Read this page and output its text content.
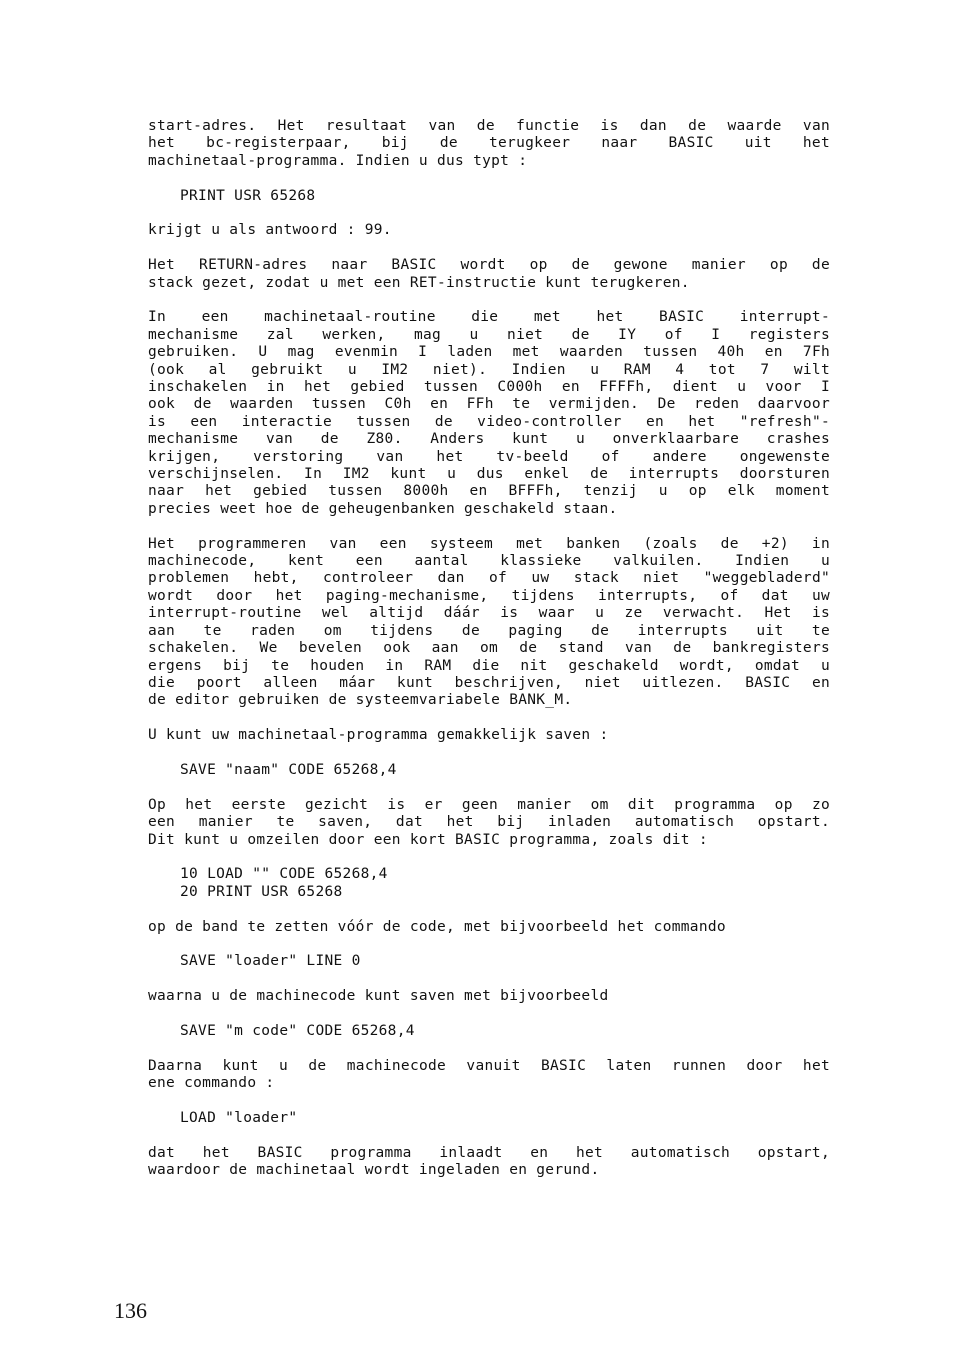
start-adres. Het resultaat van de functie is dan de waarde van
het bc-registerpaar, bij de terugkeer naar BASIC uit het
machinetaal-programma. Indien u dus typt :
PRINT USR 65268
krijgt u als antwoord : 99.
Het RETURN-adres naar BASIC wordt op de gewone manier op de
stack gezet, zodat u met een RET-instructie kunt terugkeren.
In een machinetaal-routine die met het BASIC interrupt-
mechanisme zal werken, mag u niet de IY of I registers
gebruiken. U mag evenmin I laden met waarden tussen 40h en 7Fh
(ook al gebruikt u IM2 niet). Indien u RAM 4 tot 7 wilt
inschakelen in het gebied tussen C000h en FFFFh, dient u voor I
ook de waarden tussen C0h en FFh te vermijden. De reden daarvoor
is een interactie tussen de video-controller en het "refresh"-
mechanisme van de Z80. Anders kunt u onverklaarbare crashes
krijgen, verstoring van het tv-beeld of andere ongewenste
verschijnselen. In IM2 kunt u dus enkel de interrupts doorsturen
naar het gebied tussen 8000h en BFFFh, tenzij u op elk moment
precies weet hoe de geheugenbanken geschakeld staan.
Het programmeren van een systeem met banken (zoals de +2) in
machinecode, kent een aantal klassieke valkuilen. Indien u
problemen hebt, controleer dan of uw stack niet "weggebladerd"
wordt door het paging-mechanisme, tijdens interrupts, of dat uw
interrupt-routine wel altijd dáár is waar u ze verwacht. Het is
aan te raden om tijdens de paging de interrupts uit te
schakelen. We bevelen ook aan om de stand van de bankregisters
ergens bij te houden in RAM die nit geschakeld wordt, omdat u
die poort alleen máar kunt beschrijven, niet uitlezen. BASIC en
de editor gebruiken de systeemvariabele BANK_M.
U kunt uw machinetaal-programma gemakkelijk saven :
SAVE "naam" CODE 65268,4
Op het eerste gezicht is er geen manier om dit programma op zo
een manier te saven, dat het bij inladen automatisch opstart.
Dit kunt u omzeilen door een kort BASIC programma, zoals dit :
10 LOAD "" CODE 65268,4
20 PRINT USR 65268
op de band te zetten vóór de code, met bijvoorbeeld het commando
SAVE "loader" LINE 0
waarna u de machinecode kunt saven met bijvoorbeeld
SAVE "m code" CODE 65268,4
Daarna kunt u de machinecode vanuit BASIC laten runnen door het
ene commando :
LOAD "loader"
dat het BASIC programma inlaadt en het automatisch opstart,
waardoor de machinetaal wordt ingeladen en gerund.
136
